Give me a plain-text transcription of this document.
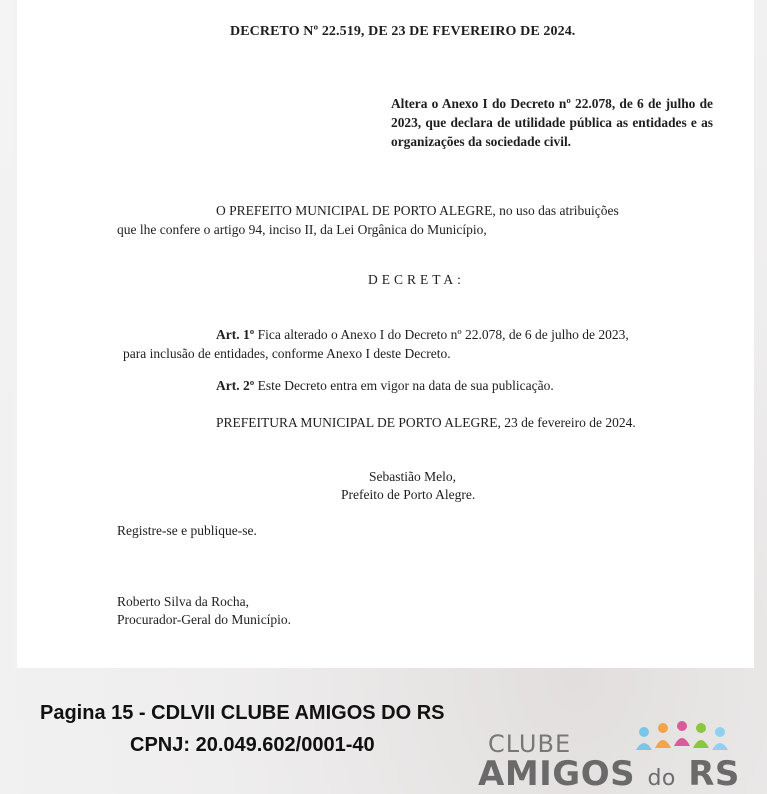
DECRETO Nº 22.519, DE 23 DE FEVEREIRO DE 2024.
Altera o Anexo I do Decreto nº 22.078, de 6 de julho de 2023, que declara de utilidade pública as entidades e as organizações da sociedade civil.
O PREFEITO MUNICIPAL DE PORTO ALEGRE, no uso das atribuições
que lhe confere o artigo 94, inciso II, da Lei Orgânica do Município,
DECRETA:
Art. 1º Fica alterado o Anexo I do Decreto nº 22.078, de 6 de julho de 2023,
para inclusão de entidades, conforme Anexo I deste Decreto.
Art. 2º Este Decreto entra em vigor na data de sua publicação.
PREFEITURA MUNICIPAL DE PORTO ALEGRE, 23 de fevereiro de 2024.
Sebastião Melo,
Prefeito de Porto Alegre.
Registre-se e publique-se.
Roberto Silva da Rocha,
Procurador-Geral do Município.
Pagina 15 - CDLVII CLUBE AMIGOS DO RS
CPNJ: 20.049.602/0001-40	CLUBE
AMIGOS do RS
